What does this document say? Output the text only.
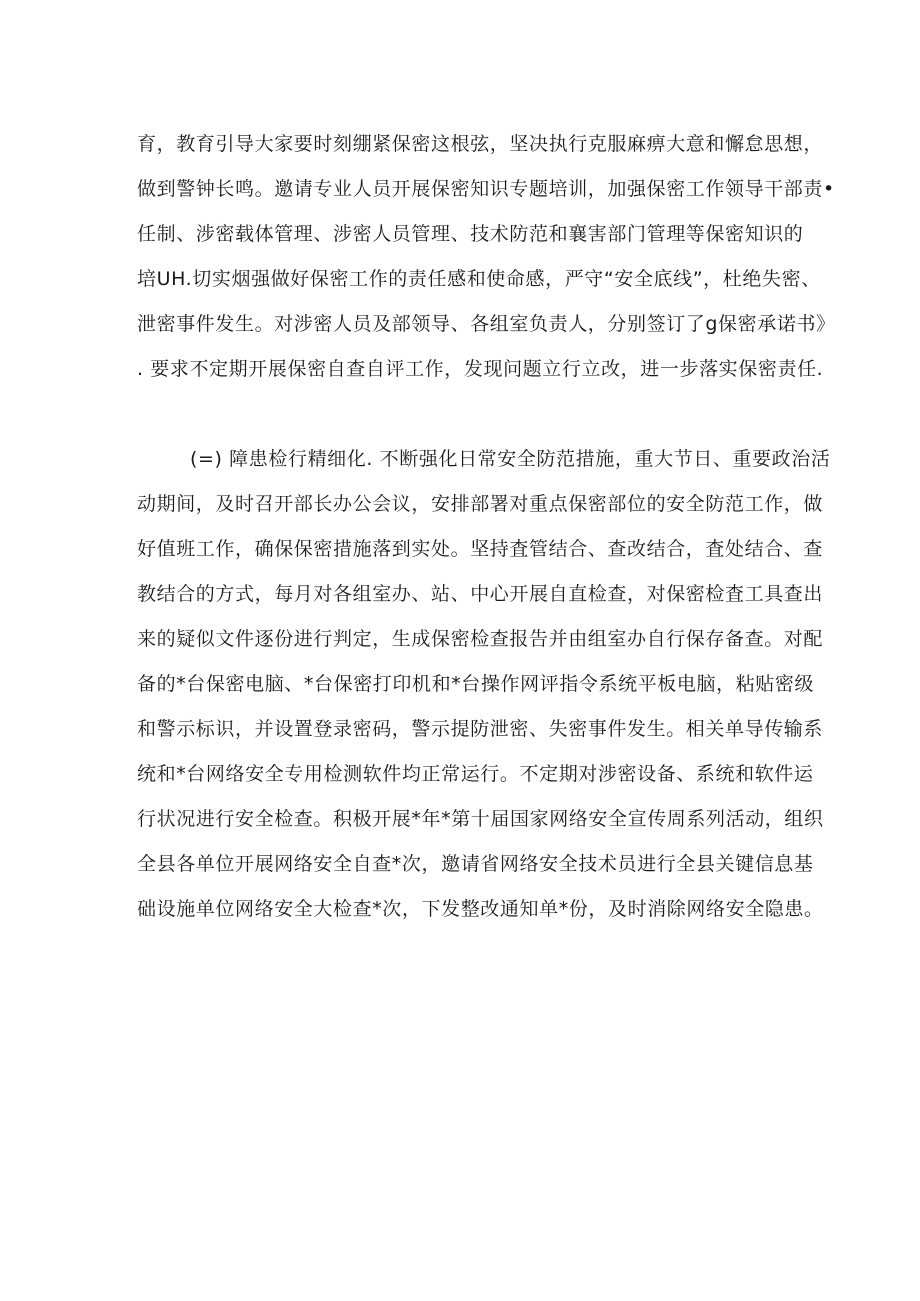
育，教育引导大家要时刻绷紧保密这根弦，坚决执行克服麻痹大意和懈怠思想，
做到警钟长鸣。邀请专业人员开展保密知识专题培训，加强保密工作领导干部责•
任制、涉密载体管理、涉密人员管理、技术防范和襄害部门管理等保密知识的
培UH.切实烟强做好保密工作的责任感和使命感，严守“安全底线”，杜绝失密、
泄密事件发生。对涉密人员及部领导、各组室负责人，分别签订了g保密承诺书》
. 要求不定期开展保密自查自评工作，发现问题立行立改，进一步落实保密责任.
(=) 障患检行精细化. 不断强化日常安全防范措施，重大节日、重要政治活
动期间，及时召开部长办公会议，安排部署对重点保密部位的安全防范工作，做
好值班工作，确保保密措施落到实处。坚持査管结合、查改结合，査处结合、查
教结合的方式，每月对各组室办、站、中心开展自直检查，对保密检査工具查出
来的疑似文件逐份进行判定，生成保密检查报告并由组室办自行保存备查。对配
备的*台保密电脑、*台保密打印机和*台操作网评指令系统平板电脑，粘贴密级
和警示标识，并设置登录密码，警示提防泄密、失密事件发生。相关单导传输系
统和*台网络安全专用检测软件均正常运行。不定期对涉密设备、系统和软件运
行状况进行安全检查。积极开展*年*第十届国家网络安全宣传周系列活动，组织
全县各单位开展网络安全自查*次，邀请省网络安全技术员进行全县关键信息基
础设施单位网络安全大检查*次，下发整改通知单*份，及时消除网络安全隐患。
